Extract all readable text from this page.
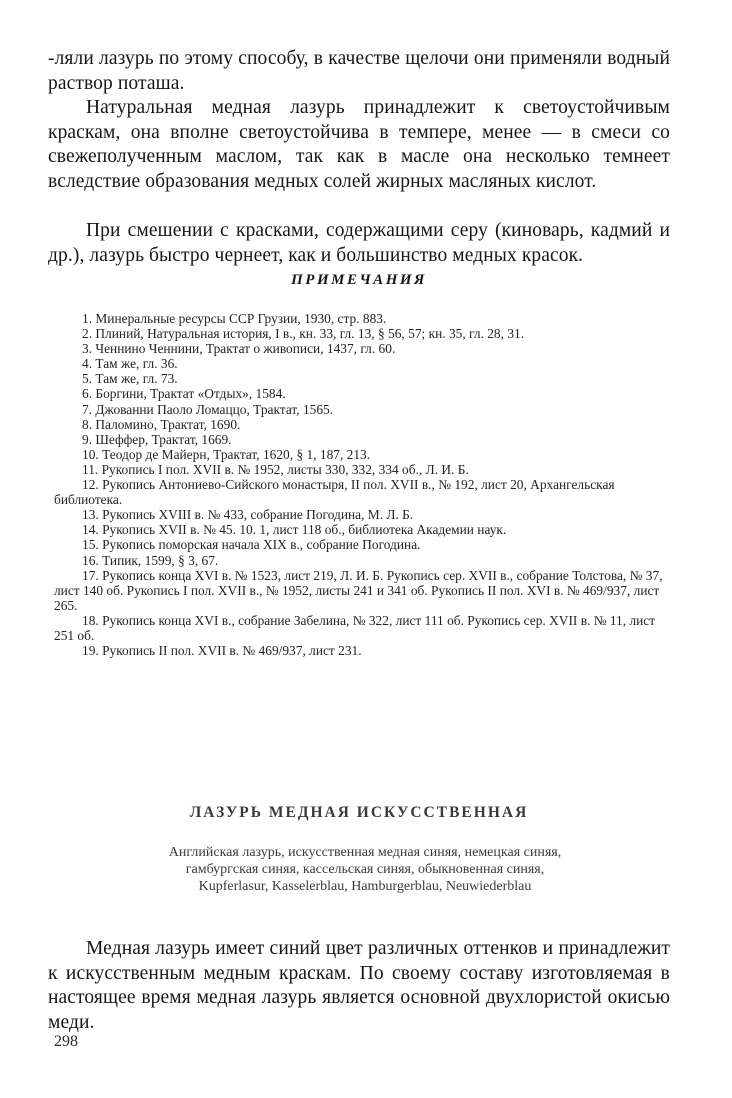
-ляли лазурь по этому способу, в качестве щелочи они применяли водный раствор поташа.

Натуральная медная лазурь принадлежит к светоустойчивым краскам, она вполне светоустойчива в темпере, менее — в смеси со свежеполученным маслом, так как в масле она несколько темнеет вследствие образования медных солей жирных масляных кислот.

При смешении с красками, содержащими серу (киноварь, кадмий и др.), лазурь быстро чернеет, как и большинство медных красок.

ПРИМЕЧАНИЯ
1. Минеральные ресурсы ССР Грузии, 1930, стр. 883.
2. Плиний, Натуральная история, I в., кн. 33, гл. 13, § 56, 57; кн. 35, гл. 28, 31.
3. Ченнино Ченнини, Трактат о живописи, 1437, гл. 60.
4. Там же, гл. 36.
5. Там же, гл. 73.
6. Боргини, Трактат «Отдых», 1584.
7. Джованни Паоло Ломаццо, Трактат, 1565.
8. Паломино, Трактат, 1690.
9. Шеффер, Трактат, 1669.
10. Теодор де Майерн, Трактат, 1620, § 1, 187, 213.
11. Рукопись I пол. XVII в. № 1952, листы 330, 332, 334 об., Л. И. Б.
12. Рукопись Антониево-Сийского монастыря, II пол. XVII в., № 192, лист 20, Архангельская библиотека.
13. Рукопись XVIII в. № 433, собрание Погодина, М. Л. Б.
14. Рукопись XVII в. № 45. 10. 1, лист 118 об., библиотека Академии наук.
15. Рукопись поморская начала XIX в., собрание Погодина.
16. Типик, 1599, § 3, 67.
17. Рукопись конца XVI в. № 1523, лист 219, Л. И. Б. Рукопись сер. XVII в., собрание Толстова, № 37, лист 140 об. Рукопись I пол. XVII в., № 1952, листы 241 и 341 об. Рукопись II пол. XVI в. № 469/937, лист 265.
18. Рукопись конца XVI в., собрание Забелина, № 322, лист 111 об. Рукопись сер. XVII в. № 11, лист 251 об.
19. Рукопись II пол. XVII в. № 469/937, лист 231.
ЛАЗУРЬ МЕДНАЯ ИСКУССТВЕННАЯ

Английская лазурь, искусственная медная синяя, немецкая синяя, гамбургская синяя, кассельская синяя, обыкновенная синяя, Kupferlasur, Kasselerblau, Hamburgerblau, Neuwiederblau

Медная лазурь имеет синий цвет различных оттенков и принадлежит к искусственным медным краскам. По своему составу изготовляемая в настоящее время медная лазурь является основной двухлористой окисью меди.

298
